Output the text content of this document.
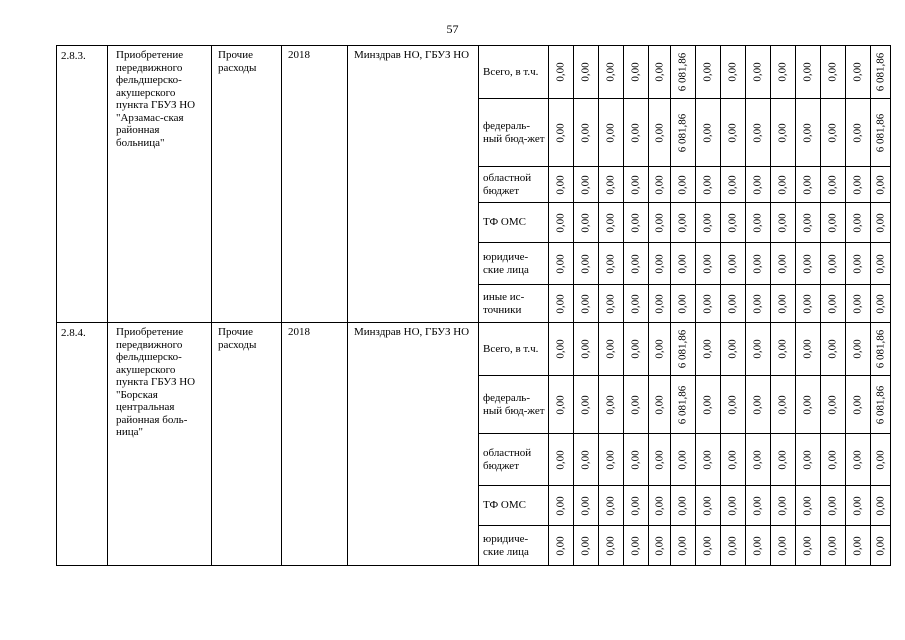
57
2.8.3.	Приобретение передвижного фельдшерско-акушерского пункта ГБУЗ НО "Арзамас-ская районная больница"	Прочие расходы	2018	Минздрав НО, ГБУЗ НО	Всего, в т.ч.	0,00	0,00	0,00	0,00	0,00	6 081,86	0,00	0,00	0,00	0,00	0,00	0,00	0,00	6 081,86

					федераль-ный бюд-жет	0,00	0,00	0,00	0,00	0,00	6 081,86	0,00	0,00	0,00	0,00	0,00	0,00	0,00	6 081,86

					областной бюджет	0,00	0,00	0,00	0,00	0,00	0,00	0,00	0,00	0,00	0,00	0,00	0,00	0,00	0,00

					ТФ ОМС	0,00	0,00	0,00	0,00	0,00	0,00	0,00	0,00	0,00	0,00	0,00	0,00	0,00	0,00

					юридиче-ские лица	0,00	0,00	0,00	0,00	0,00	0,00	0,00	0,00	0,00	0,00	0,00	0,00	0,00	0,00

					иные ис-точники	0,00	0,00	0,00	0,00	0,00	0,00	0,00	0,00	0,00	0,00	0,00	0,00	0,00	0,00

2.8.4.	Приобретение передвижного фельдшерско-акушерского пункта ГБУЗ НО "Борская центральная районная боль-ница"	Прочие расходы	2018	Минздрав НО, ГБУЗ НО	Всего, в т.ч.	0,00	0,00	0,00	0,00	0,00	6 081,86	0,00	0,00	0,00	0,00	0,00	0,00	0,00	6 081,86

					федераль-ный бюд-жет	0,00	0,00	0,00	0,00	0,00	6 081,86	0,00	0,00	0,00	0,00	0,00	0,00	0,00	6 081,86

					областной бюджет	0,00	0,00	0,00	0,00	0,00	0,00	0,00	0,00	0,00	0,00	0,00	0,00	0,00	0,00

					ТФ ОМС	0,00	0,00	0,00	0,00	0,00	0,00	0,00	0,00	0,00	0,00	0,00	0,00	0,00	0,00

					юридиче-ские лица	0,00	0,00	0,00	0,00	0,00	0,00	0,00	0,00	0,00	0,00	0,00	0,00	0,00	0,00
